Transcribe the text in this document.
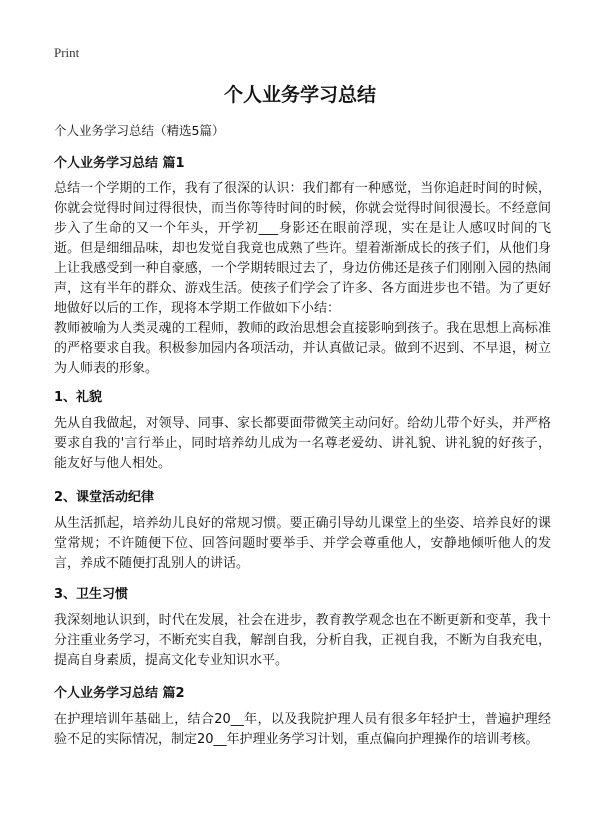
Print
个人业务学习总结

个人业务学习总结（精选5篇）

个人业务学习总结 篇1

总结一个学期的工作，我有了很深的认识：我们都有一种感觉，当你追赶时间的时候，你就会觉得时间过得很快，而当你等待时间的时候，你就会觉得时间很漫长。不经意间步入了生命的又一个年头，开学初___身影还在眼前浮现，实在是让人感叹时间的飞逝。但是细细品味，却也发觉自我竟也成熟了些许。望着渐渐成长的孩子们，从他们身上让我感受到一种自豪感，一个学期转眼过去了，身边仿佛还是孩子们刚刚入园的热闹声，这有半年的群众、游戏生活。使孩子们学会了许多、各方面进步也不错。为了更好地做好以后的工作，现将本学期工作做如下小结：

教师被喻为人类灵魂的工程师，教师的政治思想会直接影响到孩子。我在思想上高标准的严格要求自我。积极参加园内各项活动，并认真做记录。做到不迟到、不早退，树立为人师表的形象。

1、礼貌

先从自我做起，对领导、同事、家长都要面带微笑主动问好。给幼儿带个好头，并严格要求自我的'言行举止，同时培养幼儿成为一名尊老爱幼、讲礼貌、讲礼貌的好孩子，能友好与他人相处。

2、课堂活动纪律

从生活抓起，培养幼儿良好的常规习惯。要正确引导幼儿课堂上的坐姿、培养良好的课堂常规；不许随便下位、回答问题时要举手、并学会尊重他人，安静地倾听他人的发言，养成不随便打乱别人的讲话。

3、卫生习惯

我深刻地认识到，时代在发展，社会在进步，教育教学观念也在不断更新和变革，我十分注重业务学习，不断充实自我，解剖自我，分析自我，正视自我，不断为自我充电，提高自身素质，提高文化专业知识水平。

个人业务学习总结 篇2

在护理培训年基础上，结合20__年，以及我院护理人员有很多年轻护士，普遍护理经验不足的实际情况，制定20__年护理业务学习计划，重点偏向护理操作的培训考核。
